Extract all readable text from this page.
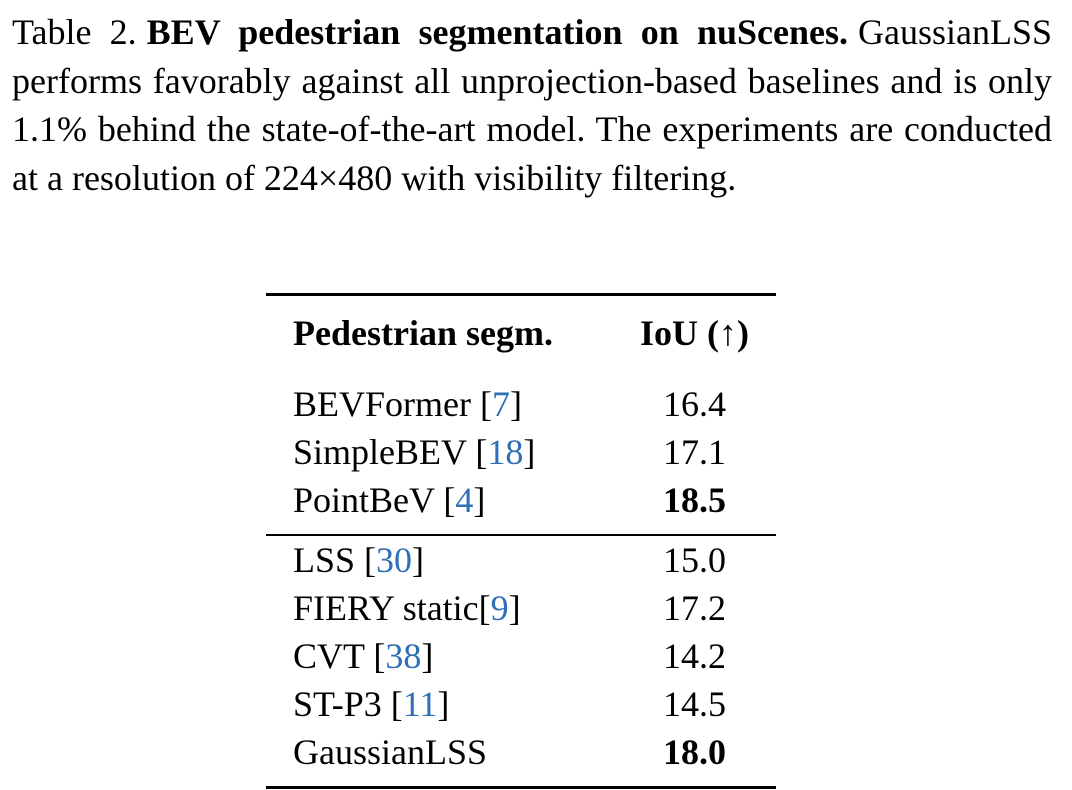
Table 2. BEV pedestrian segmentation on nuScenes. GaussianLSS performs favorably against all unprojection-based baselines and is only 1.1% behind the state-of-the-art model. The experiments are conducted at a resolution of 224×480 with visibility filtering.
Pedestrian segm.	IoU (↑)
BEVFormer [7]	16.4
SimpleBEV [18]	17.1
PointBeV [4]	18.5
LSS [30]	15.0
FIERY static[9]	17.2
CVT [38]	14.2
ST-P3 [11]	14.5
GaussianLSS	18.0
